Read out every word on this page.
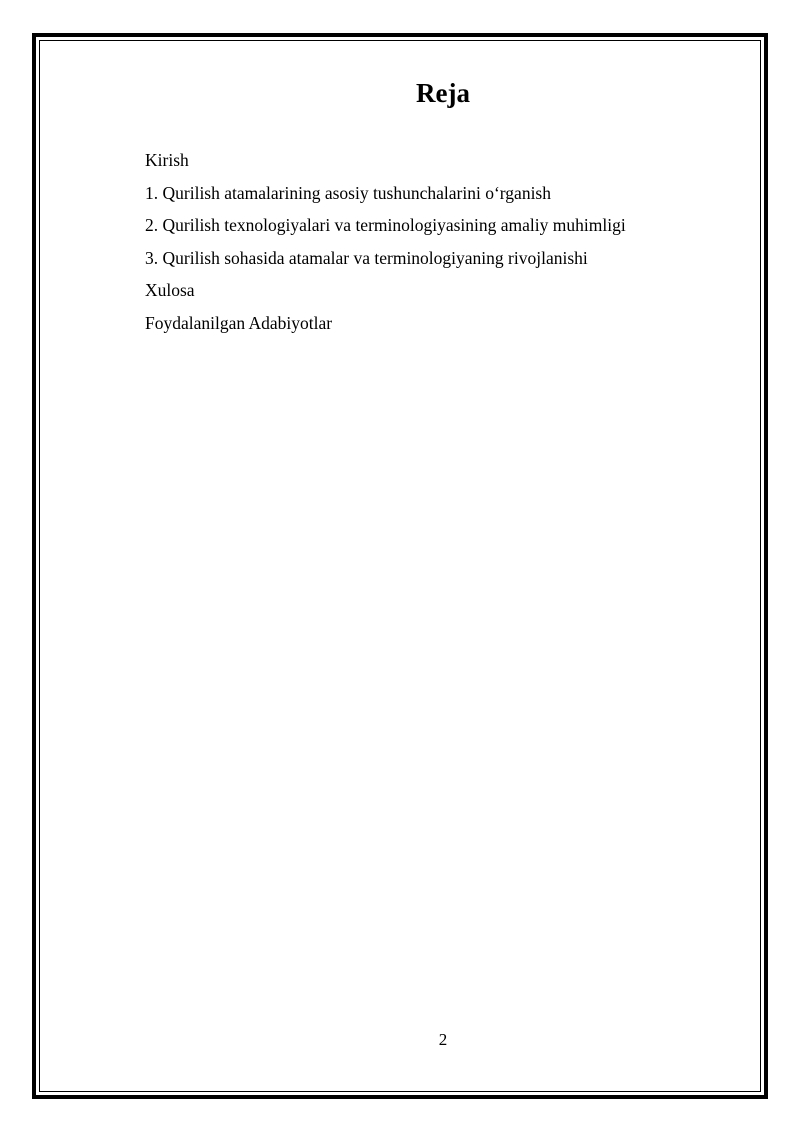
Reja
Kirish
1. Qurilish atamalarining asosiy tushunchalarini o‘rganish
2. Qurilish texnologiyalari va terminologiyasining amaliy muhimligi
3. Qurilish sohasida atamalar va terminologiyaning rivojlanishi
Xulosa
Foydalanilgan Adabiyotlar
2
